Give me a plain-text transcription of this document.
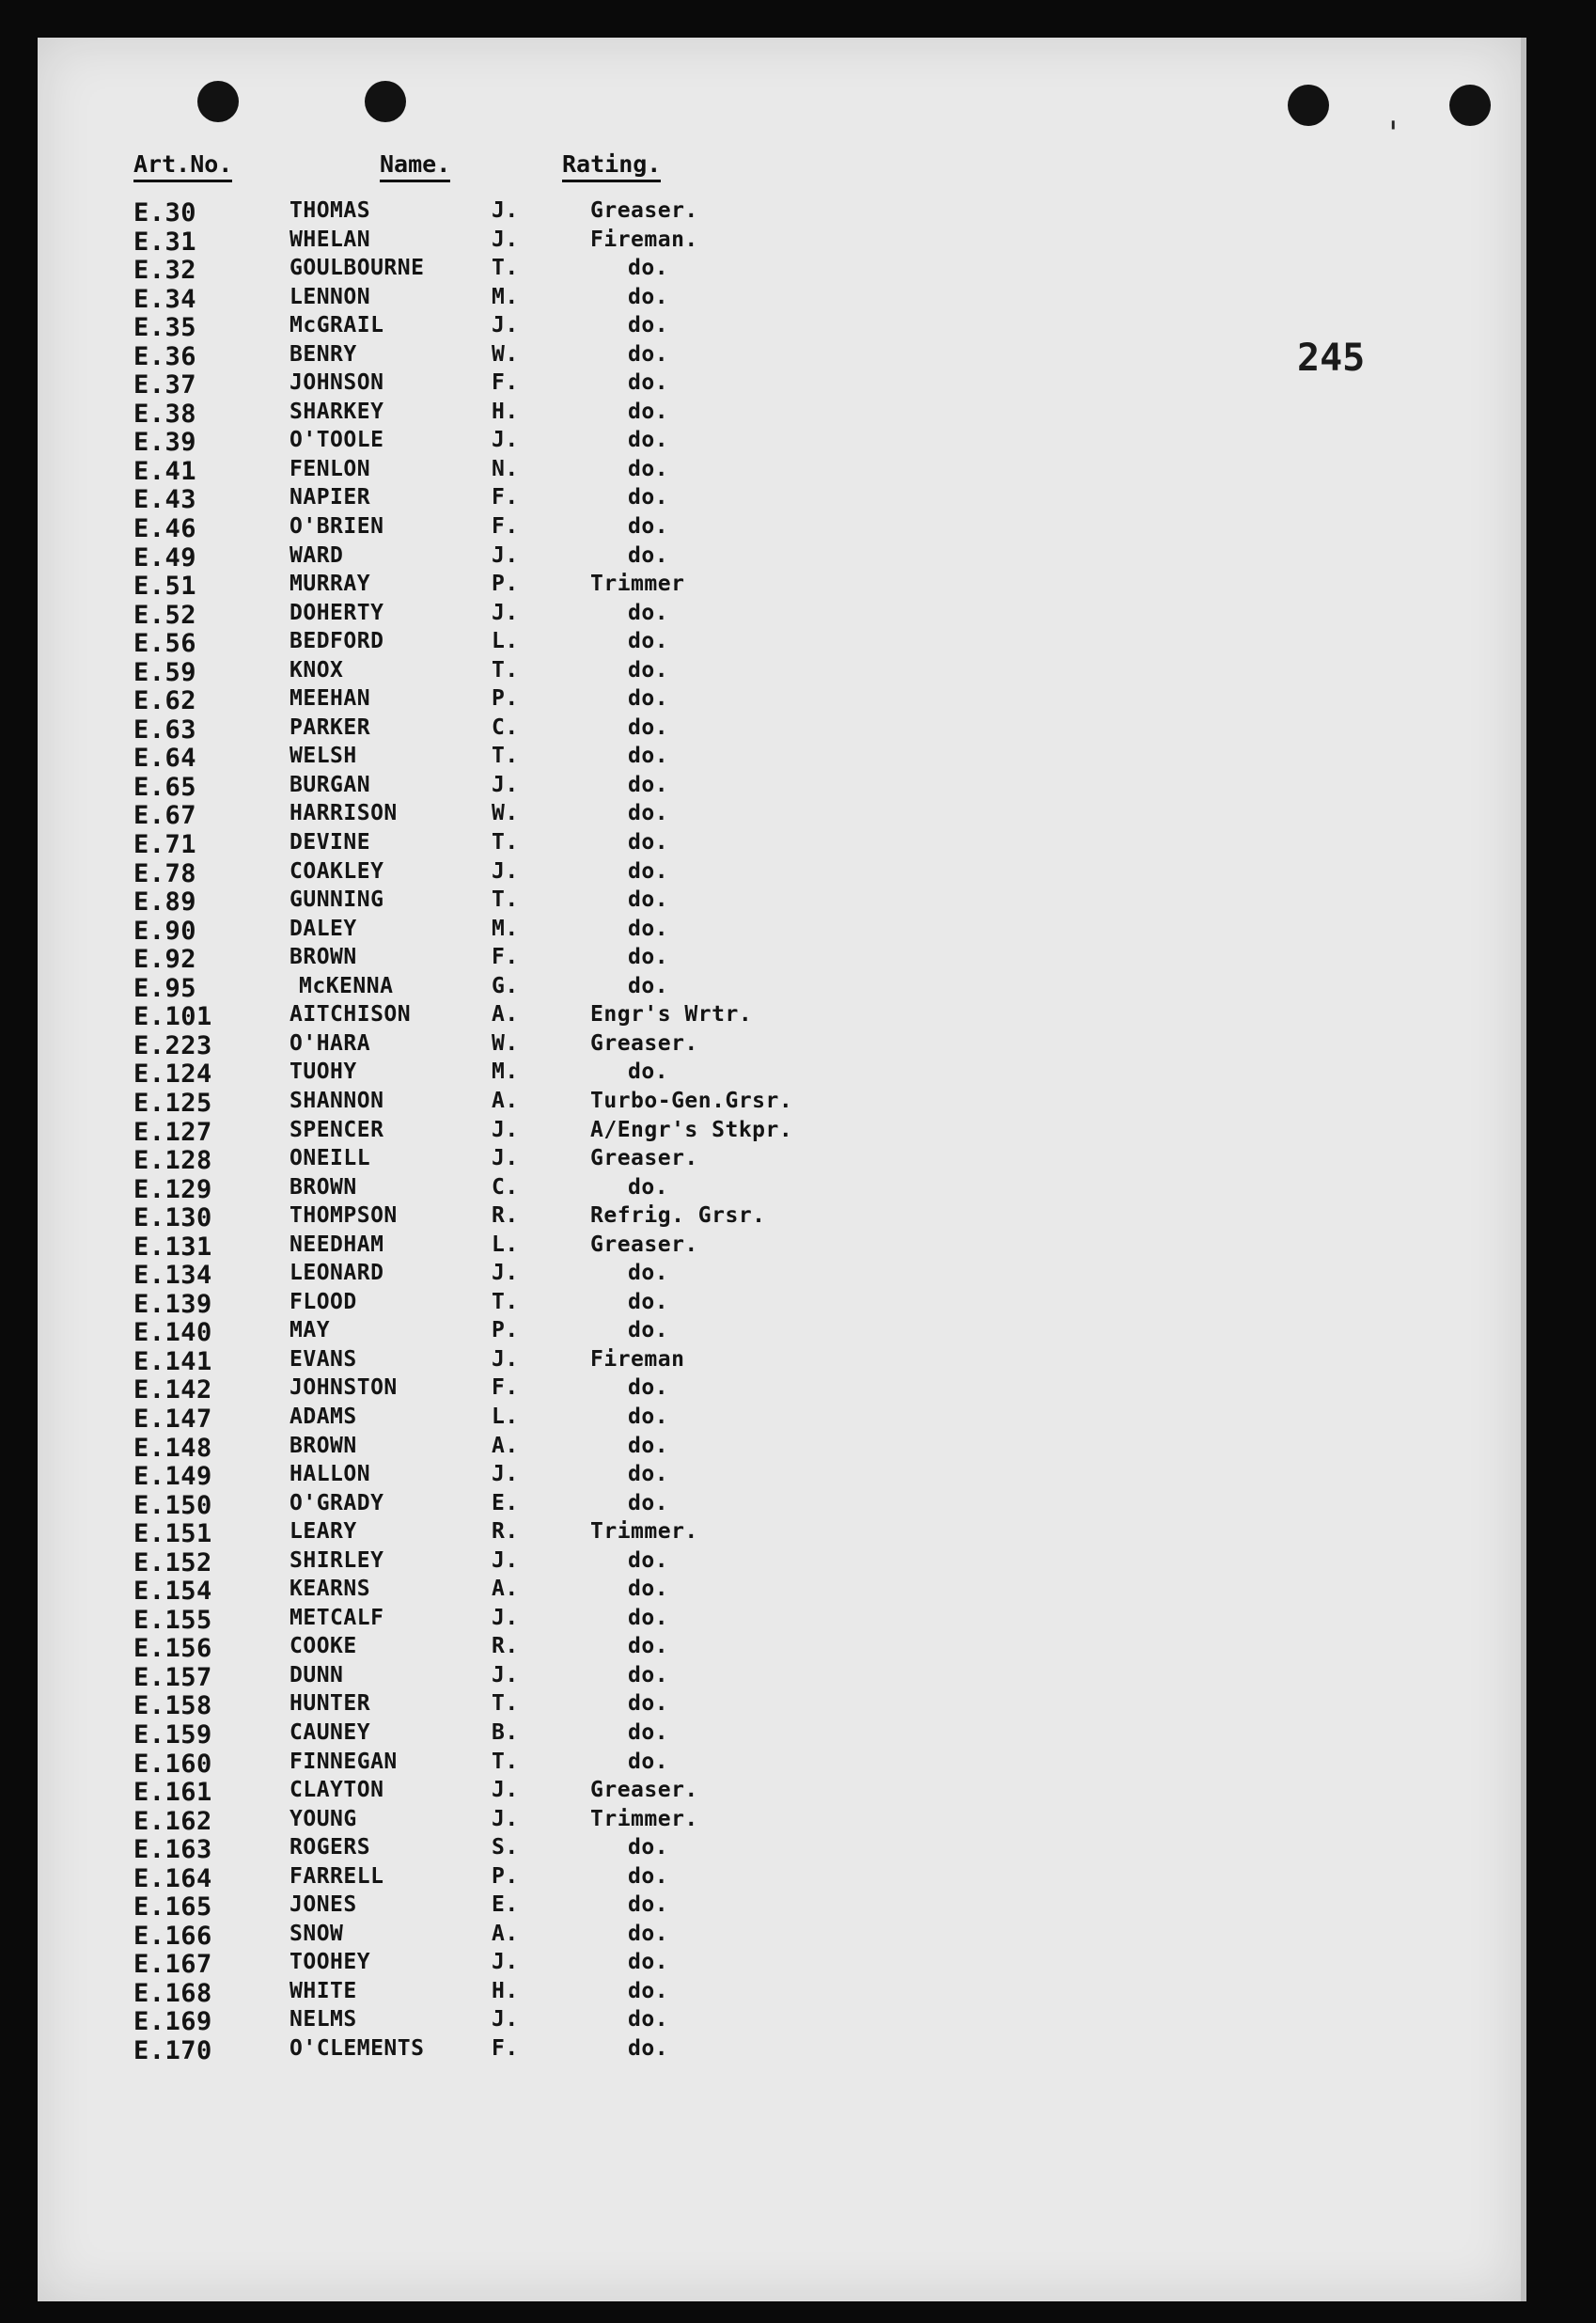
'
245
Art.No.	Name.	Rating.
E.30	THOMAS	J.	Greaser.
E.31	WHELAN	J.	Fireman.
E.32	GOULBOURNE	T.	do.
E.34	LENNON	M.	do.
E.35	McGRAIL	J.	do.
E.36	BENRY	W.	do.
E.37	JOHNSON	F.	do.
E.38	SHARKEY	H.	do.
E.39	O'TOOLE	J.	do.
E.41	FENLON	N.	do.
E.43	NAPIER	F.	do.
E.46	O'BRIEN	F.	do.
E.49	WARD	J.	do.
E.51	MURRAY	P.	Trimmer
E.52	DOHERTY	J.	do.
E.56	BEDFORD	L.	do.
E.59	KNOX	T.	do.
E.62	MEEHAN	P.	do.
E.63	PARKER	C.	do.
E.64	WELSH	T.	do.
E.65	BURGAN	J.	do.
E.67	HARRISON	W.	do.
E.71	DEVINE	T.	do.
E.78	COAKLEY	J.	do.
E.89	GUNNING	T.	do.
E.90	DALEY	M.	do.
E.92	BROWN	F.	do.
E.95	McKENNA	G.	do.
E.101	AITCHISON	A.	Engr's Wrtr.
E.223	O'HARA	W.	Greaser.
E.124	TUOHY	M.	do.
E.125	SHANNON	A.	Turbo-Gen.Grsr.
E.127	SPENCER	J.	A/Engr's Stkpr.
E.128	ONEILL	J.	Greaser.
E.129	BROWN	C.	do.
E.130	THOMPSON	R.	Refrig. Grsr.
E.131	NEEDHAM	L.	Greaser.
E.134	LEONARD	J.	do.
E.139	FLOOD	T.	do.
E.140	MAY	P.	do.
E.141	EVANS	J.	Fireman
E.142	JOHNSTON	F.	do.
E.147	ADAMS	L.	do.
E.148	BROWN	A.	do.
E.149	HALLON	J.	do.
E.150	O'GRADY	E.	do.
E.151	LEARY	R.	Trimmer.
E.152	SHIRLEY	J.	do.
E.154	KEARNS	A.	do.
E.155	METCALF	J.	do.
E.156	COOKE	R.	do.
E.157	DUNN	J.	do.
E.158	HUNTER	T.	do.
E.159	CAUNEY	B.	do.
E.160	FINNEGAN	T.	do.
E.161	CLAYTON	J.	Greaser.
E.162	YOUNG	J.	Trimmer.
E.163	ROGERS	S.	do.
E.164	FARRELL	P.	do.
E.165	JONES	E.	do.
E.166	SNOW	A.	do.
E.167	TOOHEY	J.	do.
E.168	WHITE	H.	do.
E.169	NELMS	J.	do.
E.170	O'CLEMENTS	F.	do.
